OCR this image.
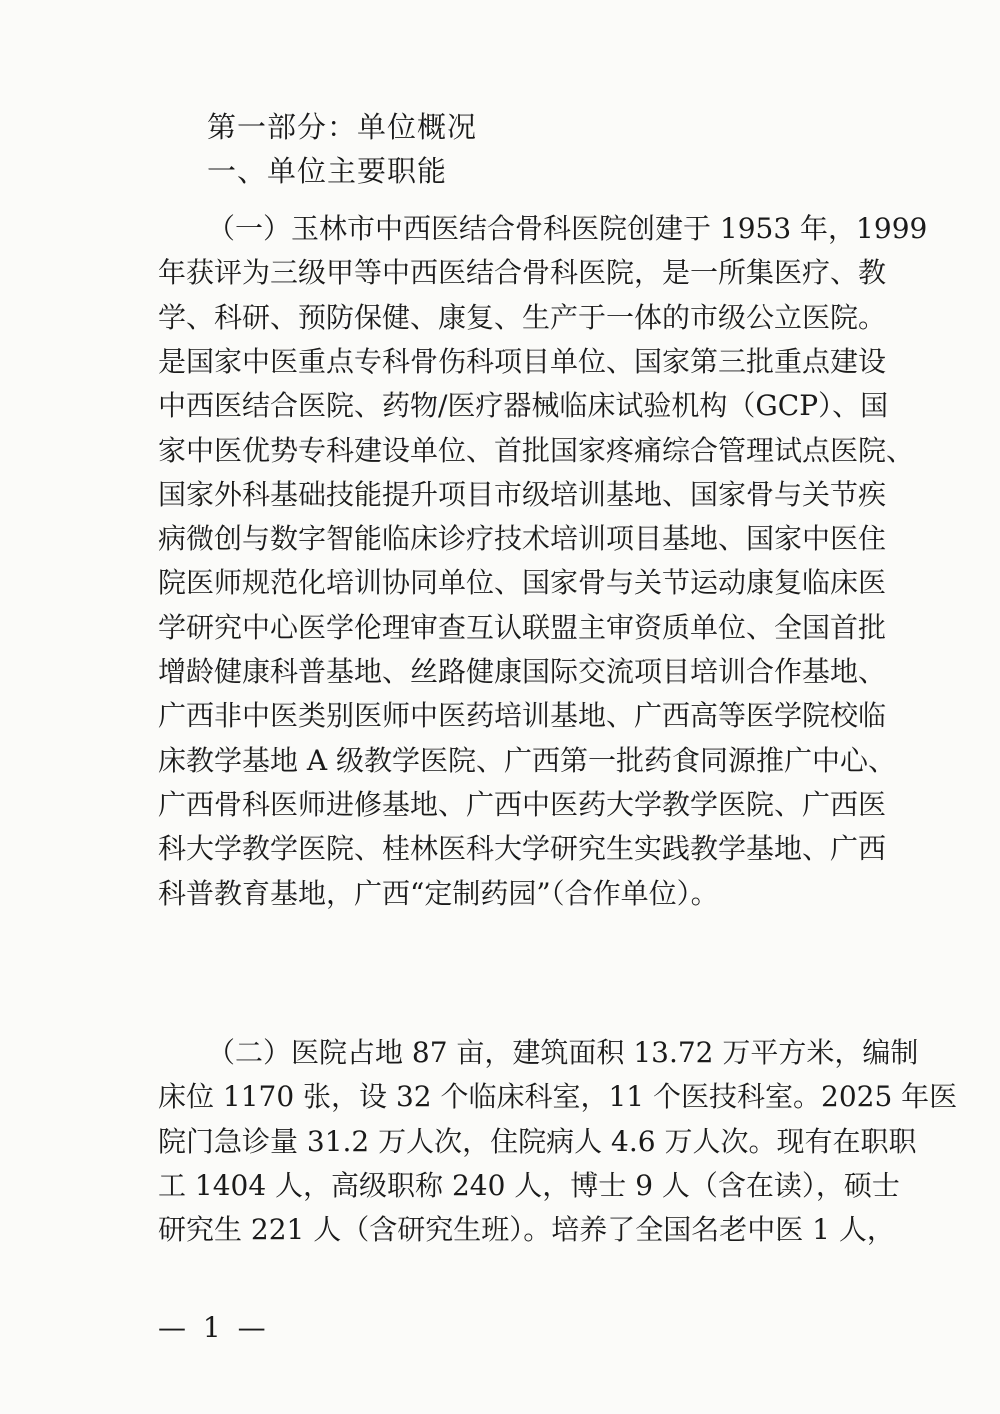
第一部分：单位概况
一、单位主要职能
（一）玉林市中西医结合骨科医院创建于 1953 年，1999
年获评为三级甲等中西医结合骨科医院，是一所集医疗、教
学、科研、预防保健、康复、生产于一体的市级公立医院。
是国家中医重点专科骨伤科项目单位、国家第三批重点建设
中西医结合医院、药物/医疗器械临床试验机构（GCP）、国
家中医优势专科建设单位、首批国家疼痛综合管理试点医院、
国家外科基础技能提升项目市级培训基地、国家骨与关节疾
病微创与数字智能临床诊疗技术培训项目基地、国家中医住
院医师规范化培训协同单位、国家骨与关节运动康复临床医
学研究中心医学伦理审查互认联盟主审资质单位、全国首批
增龄健康科普基地、丝路健康国际交流项目培训合作基地、
广西非中医类别医师中医药培训基地、广西高等医学院校临
床教学基地 A 级教学医院、广西第一批药食同源推广中心、
广西骨科医师进修基地、广西中医药大学教学医院、广西医
科大学教学医院、桂林医科大学研究生实践教学基地、广西
科普教育基地，广西“定制药园”（合作单位）。
（二）医院占地 87 亩，建筑面积 13.72 万平方米，编制
床位 1170 张，设 32 个临床科室，11 个医技科室。2025 年医
院门急诊量 31.2 万人次，住院病人 4.6 万人次。现有在职职
工 1404 人，高级职称 240 人，博士 9 人（含在读），硕士
研究生 221 人（含研究生班）。培养了全国名老中医 1 人，
— 1 —
